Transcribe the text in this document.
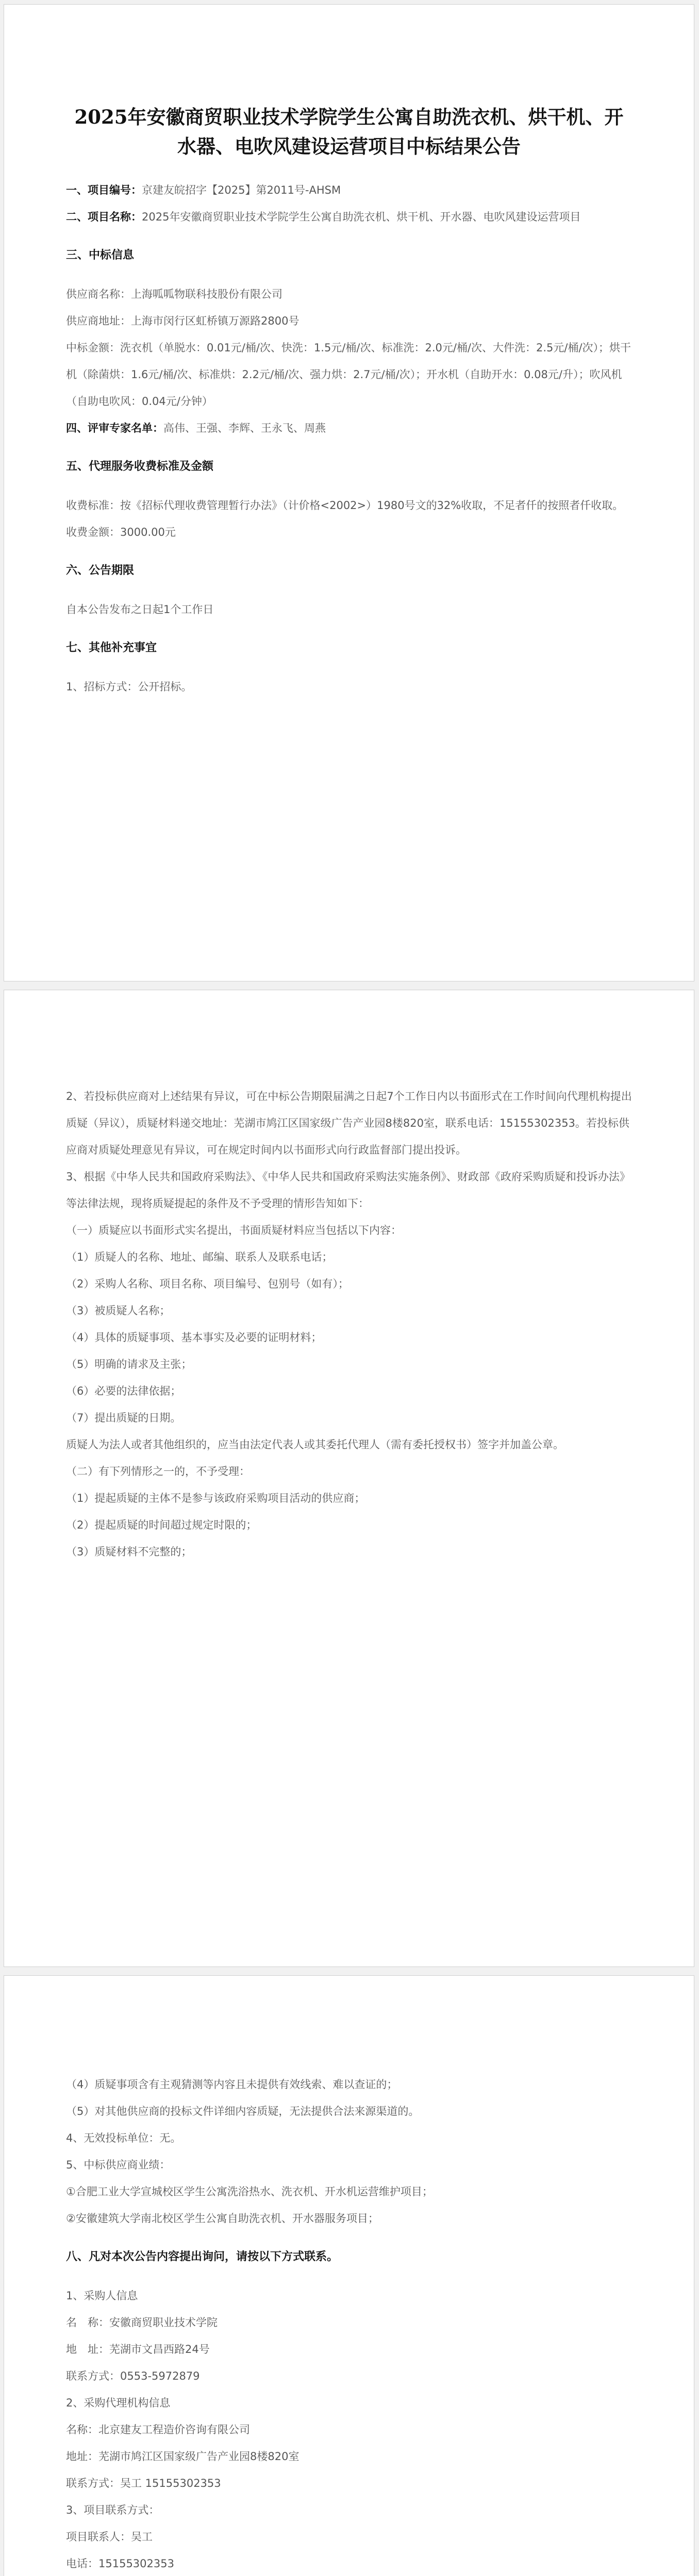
2025年安徽商贸职业技术学院学生公寓自助洗衣机、烘干机、开水器、电吹风建设运营项目中标结果公告

一、项目编号：京建友皖招字【2025】第2011号-AHSM

二、项目名称：2025年安徽商贸职业技术学院学生公寓自助洗衣机、烘干机、开水器、电吹风建设运营项目

三、中标信息

供应商名称：上海呱呱物联科技股份有限公司

供应商地址：上海市闵行区虹桥镇万源路2800号

中标金额：洗衣机（单脱水：0.01元/桶/次、快洗：1.5元/桶/次、标准洗：2.0元/桶/次、大件洗：2.5元/桶/次）；烘干机（除菌烘：1.6元/桶/次、标准烘：2.2元/桶/次、强力烘：2.7元/桶/次）；开水机（自助开水：0.08元/升）；吹风机（自助电吹风：0.04元/分钟）

四、评审专家名单：高伟、王强、李辉、王永飞、周燕

五、代理服务收费标准及金额

收费标准：按《招标代理收费管理暂行办法》（计价格<2002>）1980号文的32%收取，不足者仟的按照者仟收取。

收费金额：3000.00元

六、公告期限

自本公告发布之日起1个工作日

七、其他补充事宜

1、招标方式：公开招标。

2、若投标供应商对上述结果有异议，可在中标公告期限届满之日起7个工作日内以书面形式在工作时间向代理机构提出质疑（异议），质疑材料递交地址：芜湖市鸠江区国家级广告产业园8楼820室，联系电话：15155302353。若投标供应商对质疑处理意见有异议，可在规定时间内以书面形式向行政监督部门提出投诉。

3、根据《中华人民共和国政府采购法》、《中华人民共和国政府采购法实施条例》、财政部《政府采购质疑和投诉办法》等法律法规，现将质疑提起的条件及不予受理的情形告知如下：

（一）质疑应以书面形式实名提出，书面质疑材料应当包括以下内容：

（1）质疑人的名称、地址、邮编、联系人及联系电话；

（2）采购人名称、项目名称、项目编号、包别号（如有）；

（3）被质疑人名称；

（4）具体的质疑事项、基本事实及必要的证明材料；

（5）明确的请求及主张；

（6）必要的法律依据；

（7）提出质疑的日期。

质疑人为法人或者其他组织的，应当由法定代表人或其委托代理人（需有委托授权书）签字并加盖公章。

（二）有下列情形之一的，不予受理：

（1）提起质疑的主体不是参与该政府采购项目活动的供应商；

（2）提起质疑的时间超过规定时限的；

（3）质疑材料不完整的；

（4）质疑事项含有主观猜测等内容且未提供有效线索、难以查证的；

（5）对其他供应商的投标文件详细内容质疑，无法提供合法来源渠道的。

4、无效投标单位：无。

5、中标供应商业绩：

①合肥工业大学宣城校区学生公寓洗浴热水、洗衣机、开水机运营维护项目；

②安徽建筑大学南北校区学生公寓自助洗衣机、开水器服务项目；

八、凡对本次公告内容提出询问，请按以下方式联系。

1、采购人信息

名　称：安徽商贸职业技术学院

地　址：芜湖市文昌西路24号

联系方式：0553-5972879

2、采购代理机构信息

名称：北京建友工程造价咨询有限公司

地址：芜湖市鸠江区国家级广告产业园8楼820室

联系方式：吴工 15155302353

3、项目联系方式：

项目联系人：吴工

电话：15155302353
